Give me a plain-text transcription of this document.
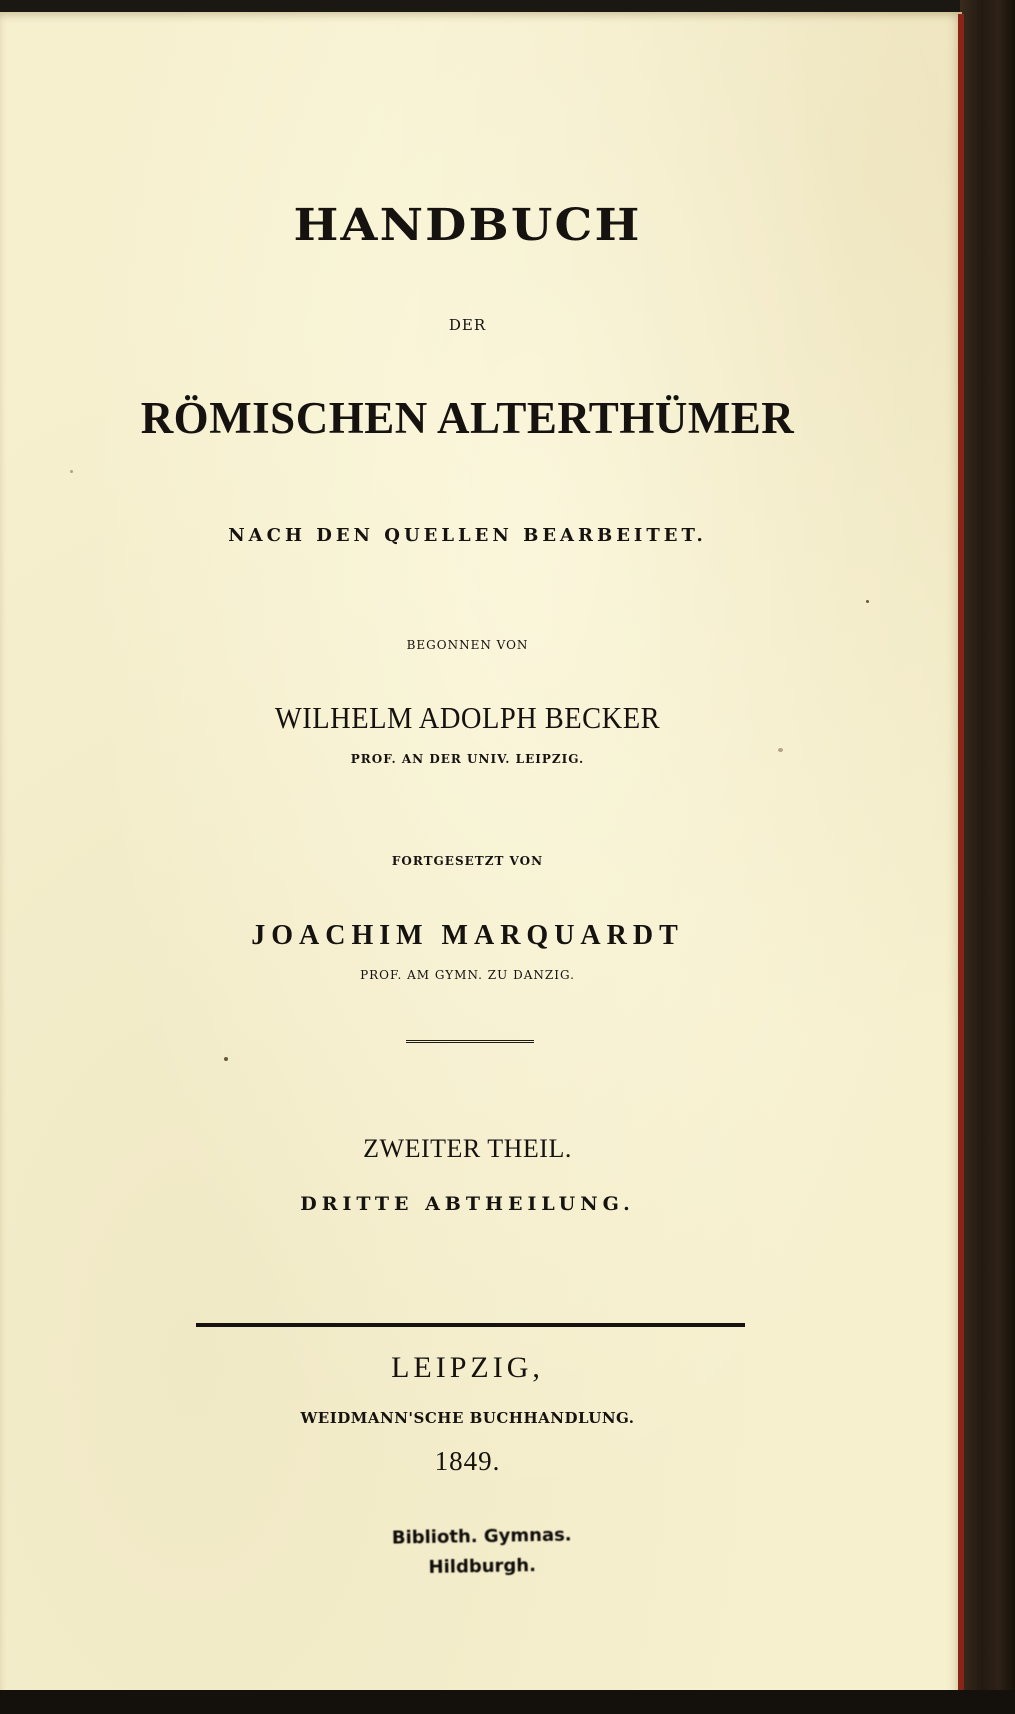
HANDBUCH
DER
RÖMISCHEN ALTERTHÜMER
NACH DEN QUELLEN BEARBEITET.
BEGONNEN VON
WILHELM ADOLPH BECKER
PROF. AN DER UNIV. LEIPZIG.
FORTGESETZT VON
JOACHIM MARQUARDT
PROF. AM GYMN. ZU DANZIG.
ZWEITER THEIL.
DRITTE ABTHEILUNG.
LEIPZIG,
WEIDMANN'SCHE BUCHHANDLUNG.
1849.
Biblioth. Gymnas.
Hildburgh.
